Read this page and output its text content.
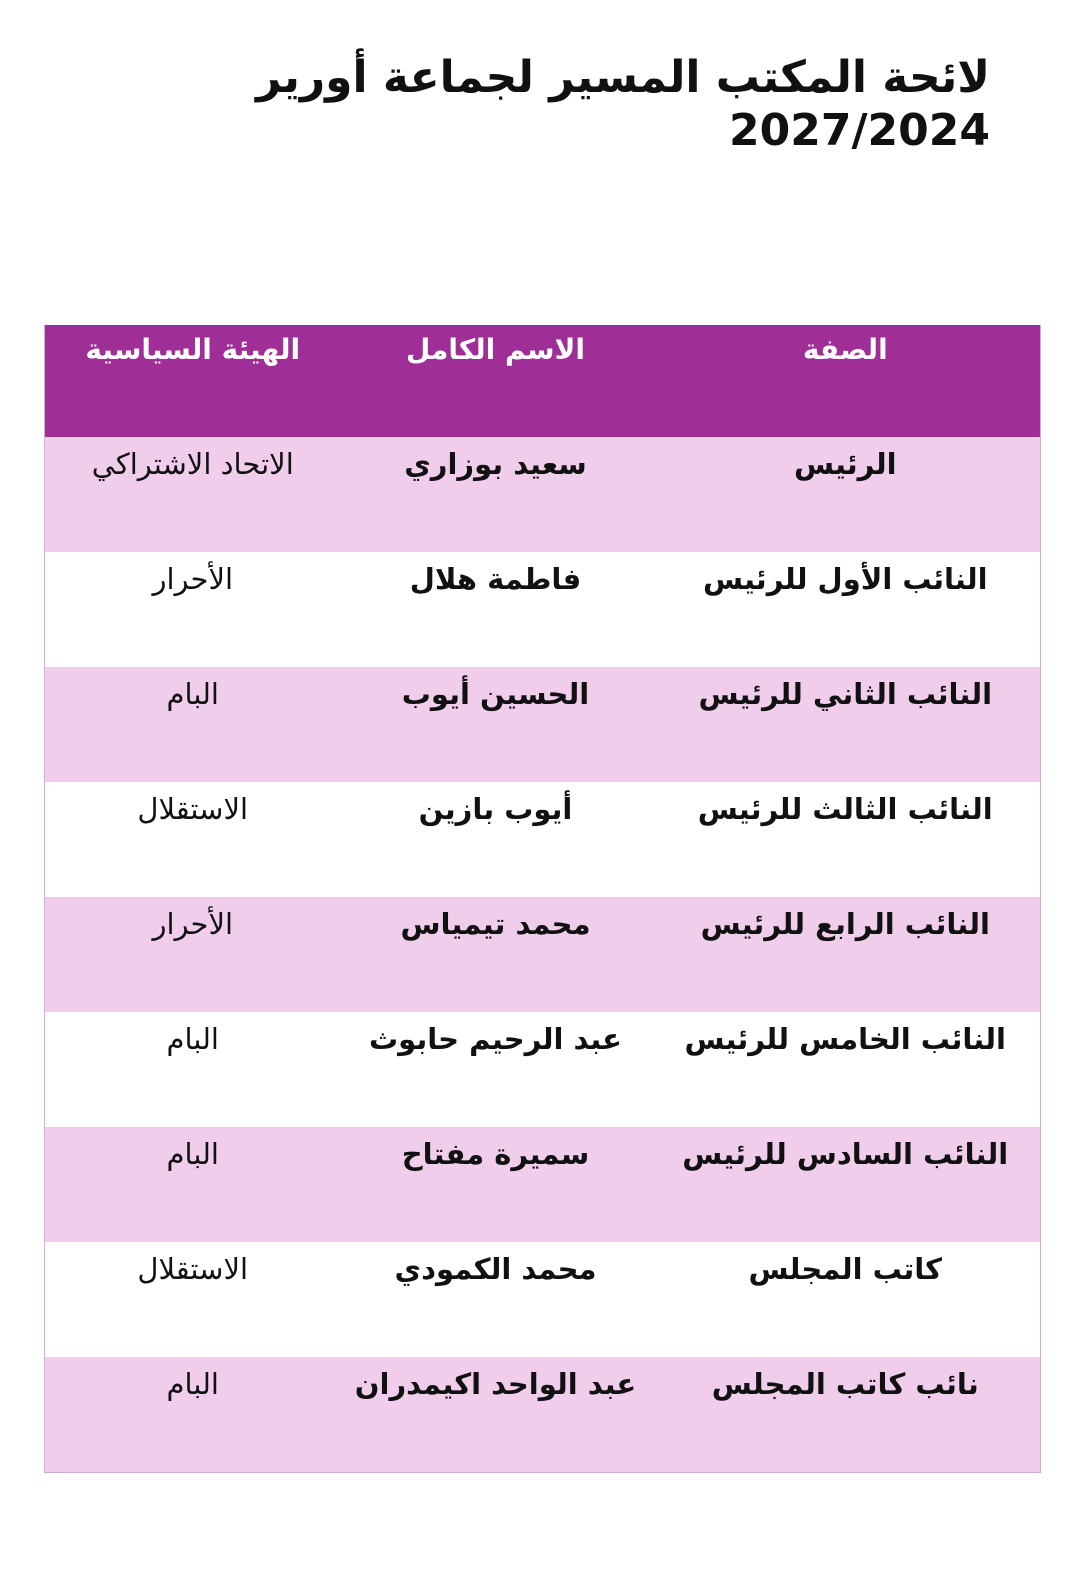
لائحة المكتب المسير لجماعة أورير 2027/2024
الصفة	الاسم الكامل	الهيئة السياسية
الرئيس	سعيد بوزاري	الاتحاد الاشتراكي
النائب الأول للرئيس	فاطمة هلال	الأحرار
النائب الثاني للرئيس	الحسين أيوب	البام
النائب الثالث للرئيس	أيوب بازين	الاستقلال
النائب الرابع للرئيس	محمد تيمياس	الأحرار
النائب الخامس للرئيس	عبد الرحيم حابوث	البام
النائب السادس للرئيس	سميرة مفتاح	البام
كاتب المجلس	محمد الكمودي	الاستقلال
نائب كاتب المجلس	عبد الواحد اكيمدران	البام
